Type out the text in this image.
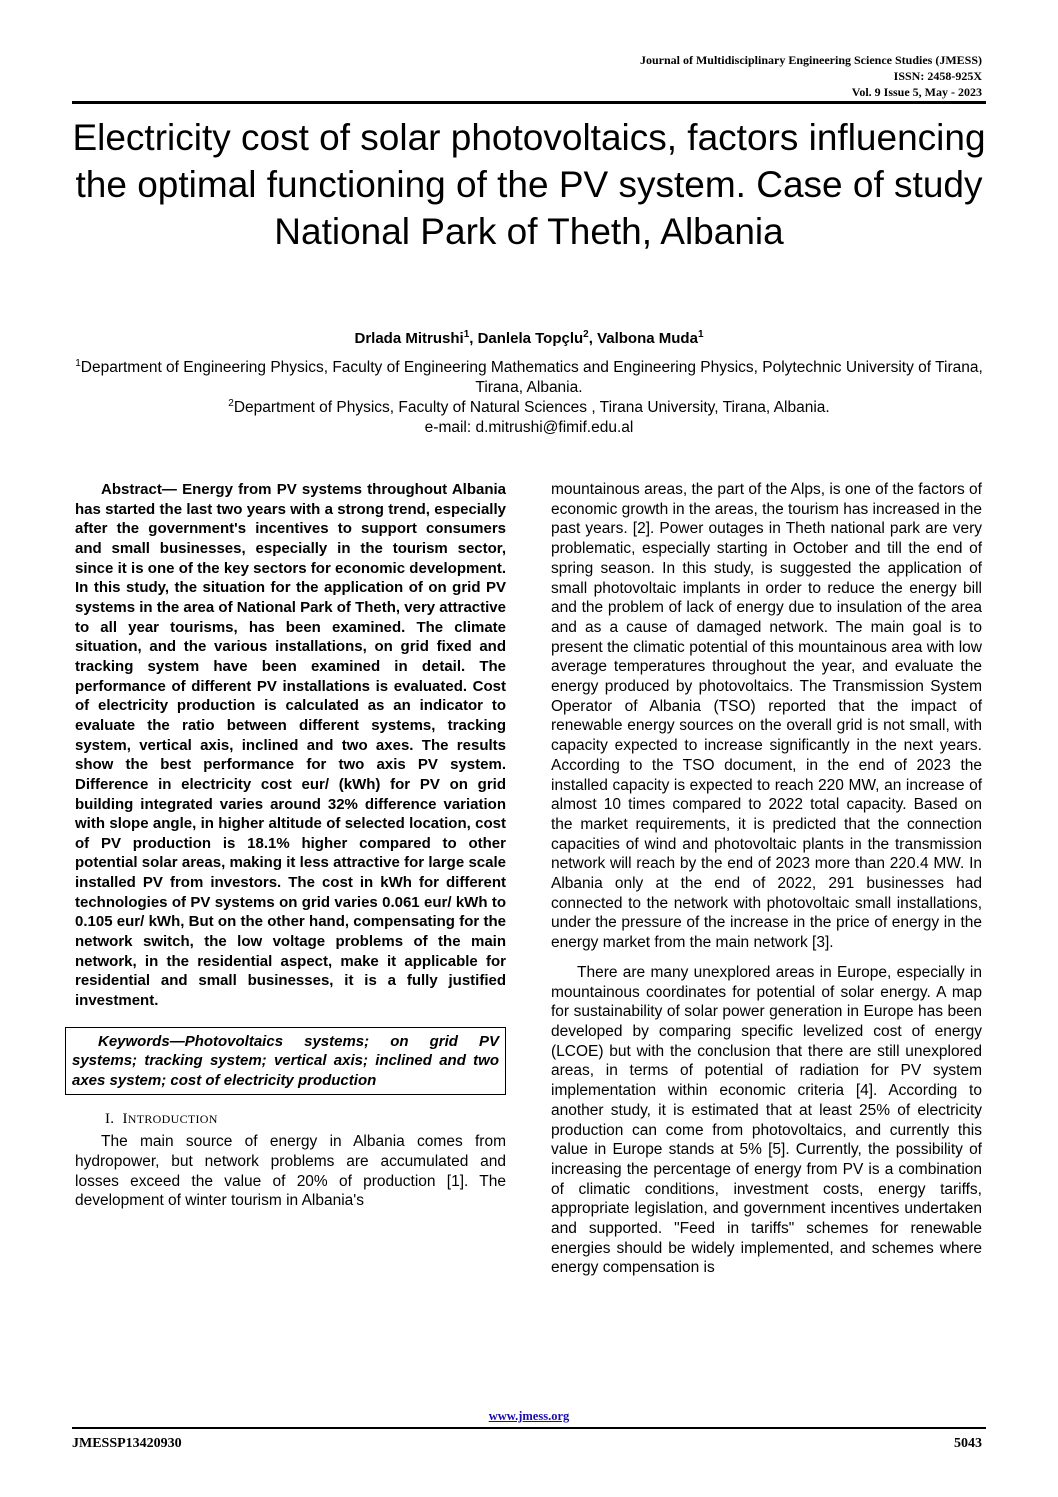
Journal of Multidisciplinary Engineering Science Studies (JMESS)
ISSN: 2458-925X
Vol. 9 Issue 5, May - 2023
Electricity cost of solar photovoltaics, factors influencing the optimal functioning of the PV system. Case of study National Park of Theth, Albania
Drlada Mitrushi$^1$, Danlela Topçlu$^2$, Valbona Muda$^1$

$^1$Department of Engineering Physics, Faculty of Engineering Mathematics and Engineering Physics, Polytechnic University of Tirana, Tirana, Albania.

$^2$Department of Physics, Faculty of Natural Sciences , Tirana University, Tirana, Albania.

e-mail: d.mitrushi@fimif.edu.al

Abstract— Energy from PV systems throughout Albania has started the last two years with a strong trend, especially after the government's incentives to support consumers and small businesses, especially in the tourism sector, since it is one of the key sectors for economic development. In this study, the situation for the application of on grid PV systems in the area of National Park of Theth, very attractive to all year tourisms, has been examined. The climate situation, and the various installations, on grid fixed and tracking system have been examined in detail. The performance of different PV installations is evaluated. Cost of electricity production is calculated as an indicator to evaluate the ratio between different systems, tracking system, vertical axis, inclined and two axes. The results show the best performance for two axis PV system. Difference in electricity cost eur/ (kWh) for PV on grid building integrated varies around 32% difference variation with slope angle, in higher altitude of selected location, cost of PV production is 18.1% higher compared to other potential solar areas, making it less attractive for large scale installed PV from investors. The cost in kWh for different technologies of PV systems on grid varies 0.061 eur/ kWh to 0.105 eur/ kWh, But on the other hand, compensating for the network switch, the low voltage problems of the main network, in the residential aspect, make it applicable for residential and small businesses, it is a fully justified investment.

Keywords—Photovoltaics systems; on grid PV systems; tracking system; vertical axis; inclined and two axes system; cost of electricity production
I. INTRODUCTION

The main source of energy in Albania comes from hydropower, but network problems are accumulated and losses exceed the value of 20% of production [1]. The development of winter tourism in Albania's

mountainous areas, the part of the Alps, is one of the factors of economic growth in the areas, the tourism has increased in the past years. [2]. Power outages in Theth national park are very problematic, especially starting in October and till the end of spring season. In this study, is suggested the application of small photovoltaic implants in order to reduce the energy bill and the problem of lack of energy due to insulation of the area and as a cause of damaged network. The main goal is to present the climatic potential of this mountainous area with low average temperatures throughout the year, and evaluate the energy produced by photovoltaics. The Transmission System Operator of Albania (TSO) reported that the impact of renewable energy sources on the overall grid is not small, with capacity expected to increase significantly in the next years. According to the TSO document, in the end of 2023 the installed capacity is expected to reach 220 MW, an increase of almost 10 times compared to 2022 total capacity. Based on the market requirements, it is predicted that the connection capacities of wind and photovoltaic plants in the transmission network will reach by the end of 2023 more than 220.4 MW. In Albania only at the end of 2022, 291 businesses had connected to the network with photovoltaic small installations, under the pressure of the increase in the price of energy in the energy market from the main network [3].

There are many unexplored areas in Europe, especially in mountainous coordinates for potential of solar energy. A map for sustainability of solar power generation in Europe has been developed by comparing specific levelized cost of energy (LCOE) but with the conclusion that there are still unexplored areas, in terms of potential of radiation for PV system implementation within economic criteria [4]. According to another study, it is estimated that at least 25% of electricity production can come from photovoltaics, and currently this value in Europe stands at 5% [5]. Currently, the possibility of increasing the percentage of energy from PV is a combination of climatic conditions, investment costs, energy tariffs, appropriate legislation, and government incentives undertaken and supported. "Feed in tariffs" schemes for renewable energies should be widely implemented, and schemes where energy compensation is

www.jmess.org
JMESSP13420930	5043
